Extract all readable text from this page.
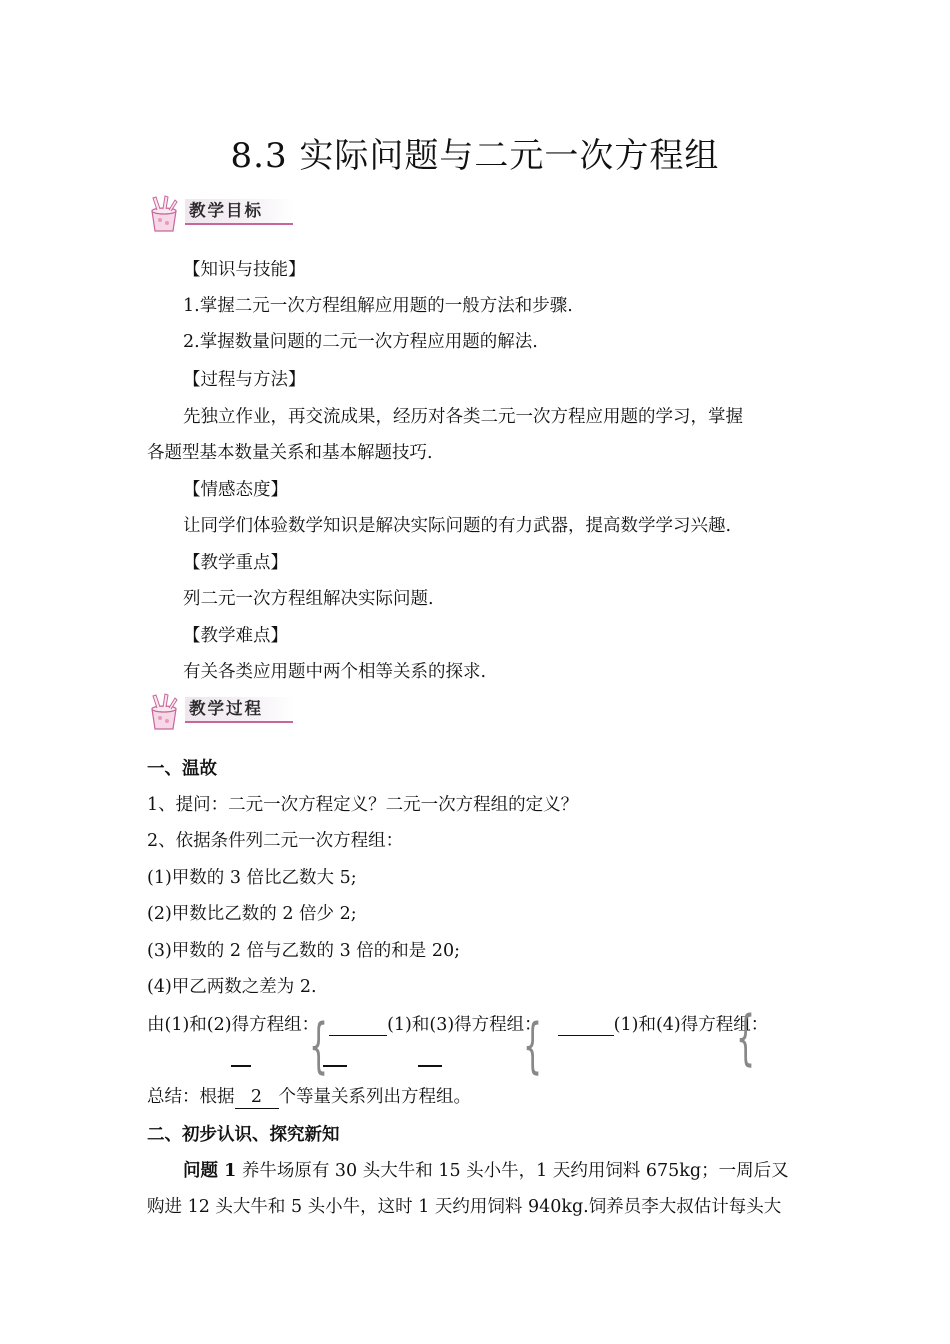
8.3 实际问题与二元一次方程组
教学目标
【知识与技能】
1.掌握二元一次方程组解应用题的一般方法和步骤.
2.掌握数量问题的二元一次方程应用题的解法.
【过程与方法】
先独立作业，再交流成果，经历对各类二元一次方程应用题的学习，掌握
各题型基本数量关系和基本解题技巧.
【情感态度】
让同学们体验数学知识是解决实际问题的有力武器，提高数学学习兴趣.
【教学重点】
列二元一次方程组解决实际问题.
【教学难点】
有关各类应用题中两个相等关系的探求.
教学过程
一、温故
1、提问：二元一次方程定义？二元一次方程组的定义？
2、依据条件列二元一次方程组：
(1)甲数的 3 倍比乙数大 5;
(2)甲数比乙数的 2 倍少 2;
(3)甲数的 2 倍与乙数的 3 倍的和是 20;
(4)甲乙两数之差为 2.
由(1)和(2)得方程组：	(1)和(3)得方程组：	(1)和(4)得方程组：
{	{	{
总结：根据 2 个等量关系列出方程组。
二、初步认识、探究新知
问题 1 养牛场原有 30 头大牛和 15 头小牛，1 天约用饲料 675kg；一周后又
购进 12 头大牛和 5 头小牛，这时 1 天约用饲料 940kg.饲养员李大叔估计每头大
